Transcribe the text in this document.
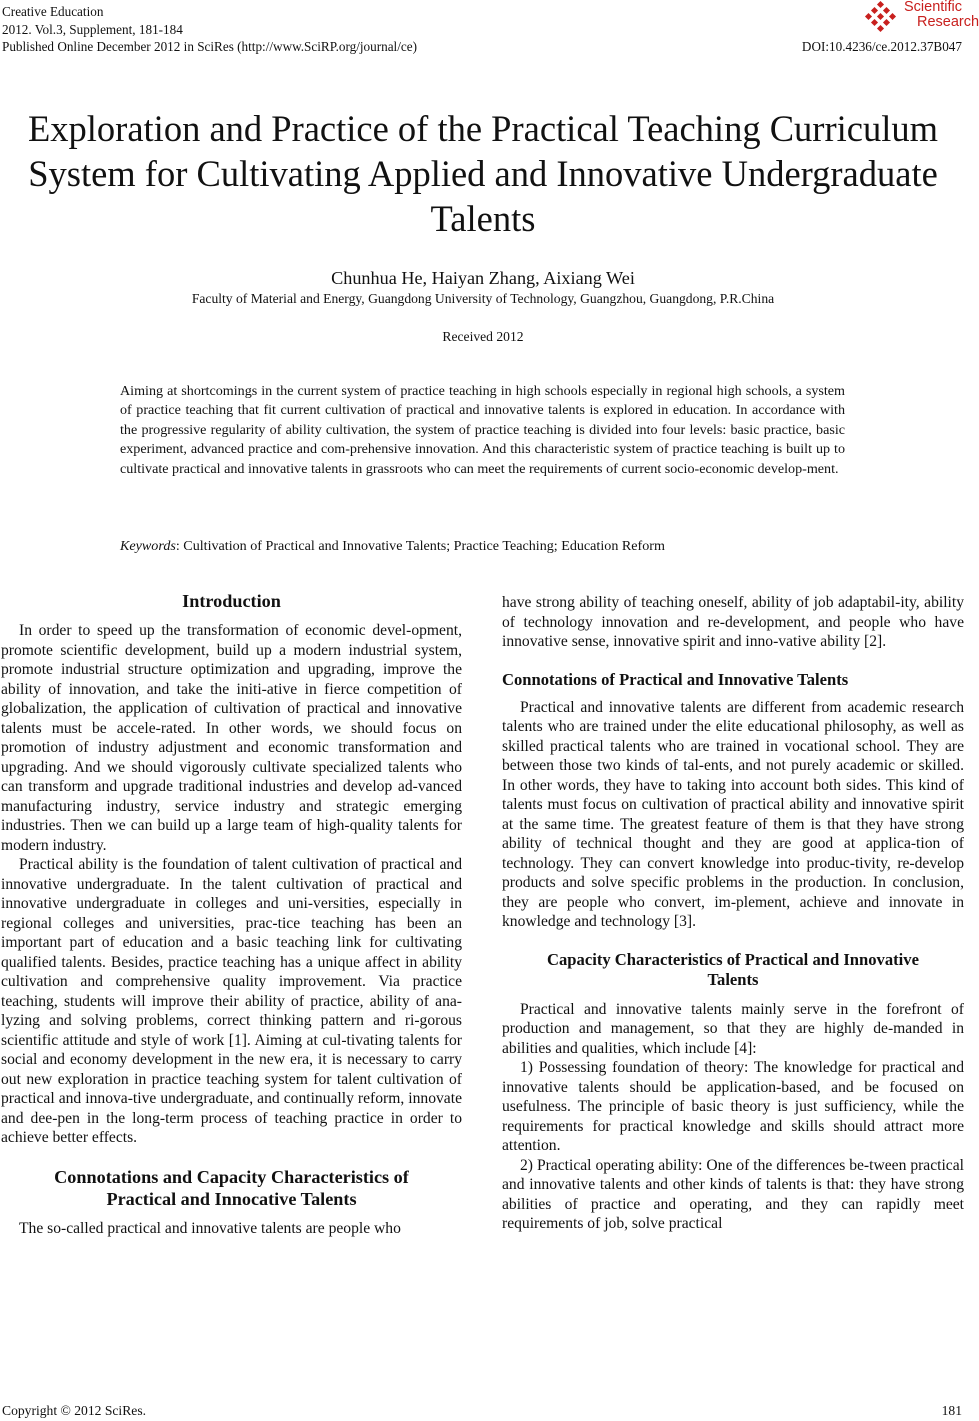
Creative Education
2012. Vol.3, Supplement, 181-184
Published Online December 2012 in SciRes (http://www.SciRP.org/journal/ce)
Scientific
Research
DOI:10.4236/ce.2012.37B047
Exploration and Practice of the Practical Teaching Curriculum
System for Cultivating Applied and Innovative Undergraduate
Talents
Chunhua He, Haiyan Zhang, Aixiang Wei
Faculty of Material and Energy, Guangdong University of Technology, Guangzhou, Guangdong, P.R.China
Received 2012

Aiming at shortcomings in the current system of practice teaching in high schools especially in regional high schools, a system of practice teaching that fit current cultivation of practical and innovative talents is explored in education. In accordance with the progressive regularity of ability cultivation, the system of practice teaching is divided into four levels: basic practice, basic experiment, advanced practice and com-prehensive innovation. And this characteristic system of practice teaching is built up to cultivate practical and innovative talents in grassroots who can meet the requirements of current socio-economic develop-ment.

Keywords: Cultivation of Practical and Innovative Talents; Practice Teaching; Education Reform

Introduction

In order to speed up the transformation of economic devel-opment, promote scientific development, build up a modern industrial system, promote industrial structure optimization and upgrading, improve the ability of innovation, and take the initi-ative in fierce competition of globalization, the application of cultivation of practical and innovative talents must be accele-rated. In other words, we should focus on promotion of industry adjustment and economic transformation and upgrading. And we should vigorously cultivate specialized talents who can transform and upgrade traditional industries and develop ad-vanced manufacturing industry, service industry and strategic emerging industries. Then we can build up a large team of high-quality talents for modern industry.

Practical ability is the foundation of talent cultivation of practical and innovative undergraduate. In the talent cultivation of practical and innovative undergraduate in colleges and uni-versities, especially in regional colleges and universities, prac-tice teaching has been an important part of education and a basic teaching link for cultivating qualified talents. Besides, practice teaching has a unique affect in ability cultivation and comprehensive quality improvement. Via practice teaching, students will improve their ability of practice, ability of ana-lyzing and solving problems, correct thinking pattern and ri-gorous scientific attitude and style of work [1]. Aiming at cul-tivating talents for social and economy development in the new era, it is necessary to carry out new exploration in practice teaching system for talent cultivation of practical and innova-tive undergraduate, and continually reform, innovate and dee-pen in the long-term process of teaching practice in order to achieve better effects.

Connotations and Capacity Characteristics of
Practical and Innocative Talents

The so-called practical and innovative talents are people who

have strong ability of teaching oneself, ability of job adaptabil-ity, ability of technology innovation and re-development, and people who have innovative sense, innovative spirit and inno-vative ability [2].

Connotations of Practical and Innovative Talents

Practical and innovative talents are different from academic research talents who are trained under the elite educational philosophy, as well as skilled practical talents who are trained in vocational school. They are between those two kinds of tal-ents, and not purely academic or skilled. In other words, they have to taking into account both sides. This kind of talents must focus on cultivation of practical ability and innovative spirit at the same time. The greatest feature of them is that they have strong ability of technical thought and they are good at applica-tion of technology. They can convert knowledge into produc-tivity, re-develop products and solve specific problems in the production. In conclusion, they are people who convert, im-plement, achieve and innovate in knowledge and technology [3].

Capacity Characteristics of Practical and Innovative
Talents

Practical and innovative talents mainly serve in the forefront of production and management, so that they are highly de-manded in abilities and qualities, which include [4]:

1) Possessing foundation of theory: The knowledge for practical and innovative talents should be application-based, and be focused on usefulness. The principle of basic theory is just sufficiency, while the requirements for practical knowledge and skills should attract more attention.

2) Practical operating ability: One of the differences be-tween practical and innovative talents and other kinds of talents is that: they have strong abilities of practice and operating, and they can rapidly meet requirements of job, solve practical

Copyright © 2012 SciRes.	181
